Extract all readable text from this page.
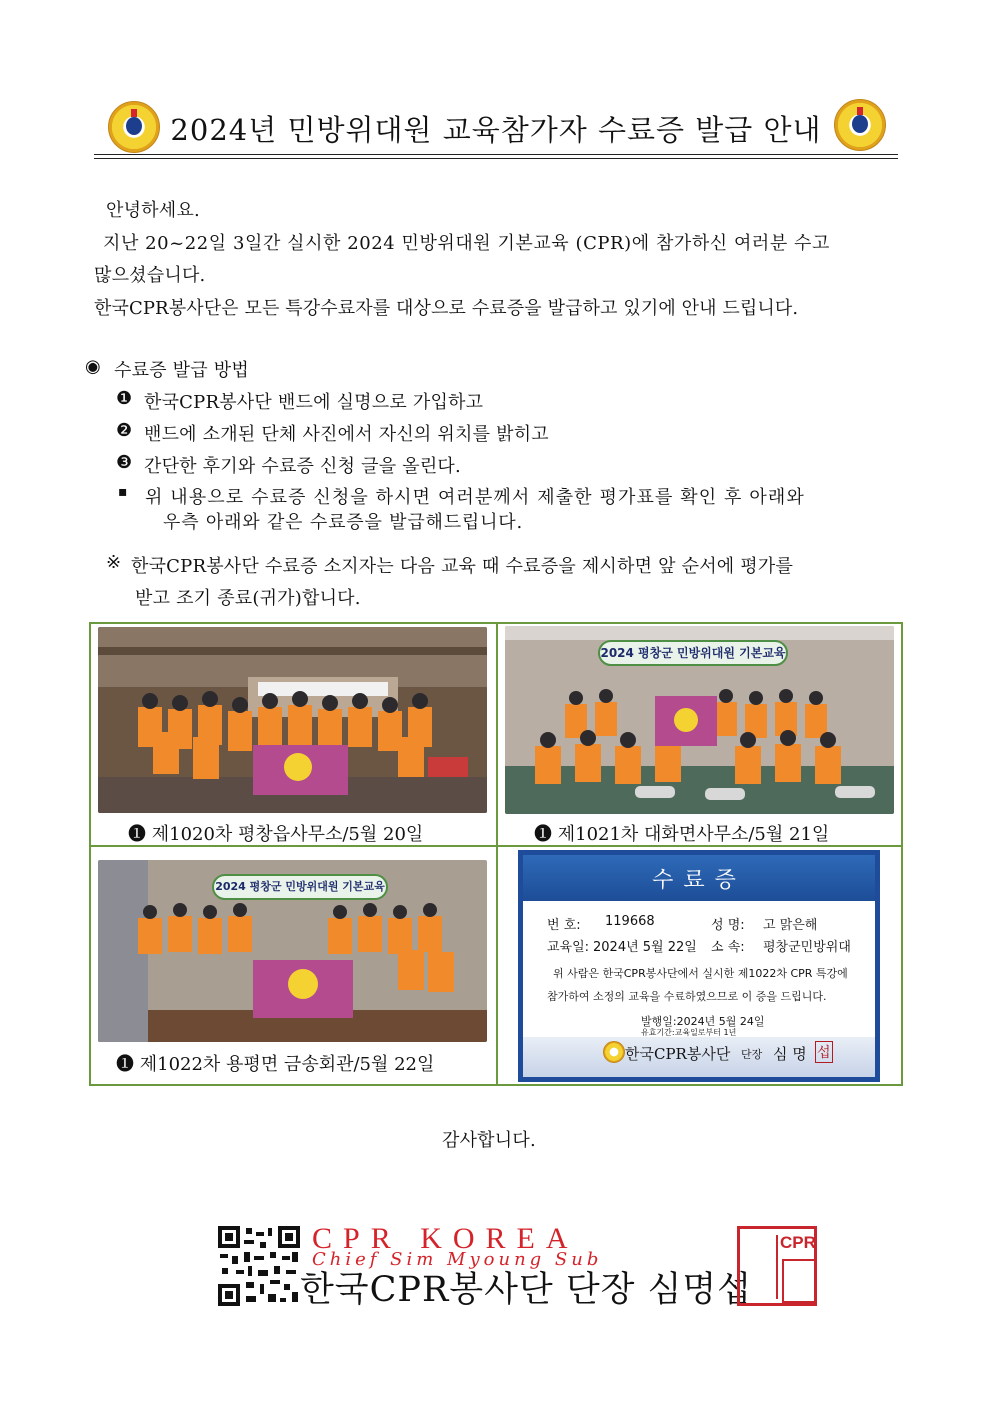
2024년 민방위대원 교육참가자 수료증 발급 안내
안녕하세요.
지난 20~22일 3일간 실시한 2024 민방위대원 기본교육 (CPR)에 참가하신 여러분 수고
많으셨습니다.
한국CPR봉사단은 모든 특강수료자를 대상으로 수료증을 발급하고 있기에 안내 드립니다.
◉ 수료증 발급 방법
❶ 한국CPR봉사단 밴드에 실명으로 가입하고
❷ 밴드에 소개된 단체 사진에서 자신의 위치를 밝히고
❸ 간단한 후기와 수료증 신청 글을 올린다.
▪ 위 내용으로 수료증 신청을 하시면 여러분께서 제출한 평가표를 확인 후 아래와
우측 아래와 같은 수료증을 발급해드립니다.
※ 한국CPR봉사단 수료증 소지자는 다음 교육 때 수료증을 제시하면 앞 순서에 평가를
받고 조기 종료(귀가)합니다.
❶ 제1020차 평창읍사무소/5월 20일
2024 평창군 민방위대원 기본교육
❶ 제1021차 대화면사무소/5월 21일
2024 평창군 민방위대원 기본교육
❶ 제1022차 용평면 금송회관/5월 22일
수료증
번 호: 119668	성 명: 고 맑은해
교육일: 2024년 5월 22일 소 속: 평창군민방위대
위 사람은 한국CPR봉사단에서 실시한 제1022차 CPR 특강에
참가하여 소정의 교육을 수료하였으므로 이 증을 드립니다.
발행일:2024년 5월 24일
유효기간:교육일로부터 1년
한국CPR봉사단 단장 심 명 섭
감사합니다.
CPR KOREA
Chief Sim Myoung Sub
한국CPR봉사단 단장 심명섭
CPR
